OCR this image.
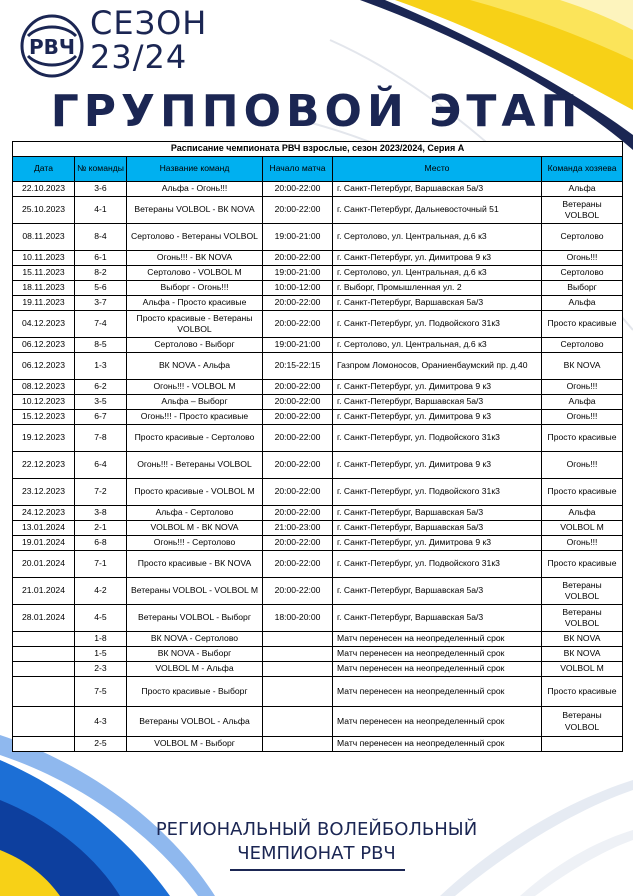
РВЧ
СЕЗОН
23/24
ГРУППОВОЙ ЭТАП
Расписание чемпионата РВЧ взрослые, сезон 2023/2024, Серия А					
Дата	№ команды	Название команд	Начало матча	Место	Команда хозяева
22.10.2023	3-6	Альфа - Огонь!!!	20:00-22:00	г. Санкт-Петербург, Варшавская 5а/3	Альфа
25.10.2023	4-1	Ветераны VOLBOL - ВК NOVA	20:00-22:00	г. Санкт-Петербург, Дальневосточный 51	Ветераны VOLBOL
08.11.2023	8-4	Сертолово - Ветераны VOLBOL	19:00-21:00	г. Сертолово, ул. Центральная, д.6 к3	Сертолово
10.11.2023	6-1	Огонь!!! - ВК NOVA	20:00-22:00	г. Санкт-Петербург, ул. Димитрова 9 к3	Огонь!!!
15.11.2023	8-2	Сертолово - VOLBOL M	19:00-21:00	г. Сертолово, ул. Центральная, д.6 к3	Сертолово
18.11.2023	5-6	Выборг - Огонь!!!	10:00-12:00	г. Выборг, Промышленная ул. 2	Выборг
19.11.2023	3-7	Альфа - Просто красивые	20:00-22:00	г. Санкт-Петербург, Варшавская 5а/3	Альфа
04.12.2023	7-4	Просто красивые - Ветераны VOLBOL	20:00-22:00	г. Санкт-Петербург, ул. Подвойского 31к3	Просто красивые
06.12.2023	8-5	Сертолово - Выборг	19:00-21:00	г. Сертолово, ул. Центральная, д.6 к3	Сертолово
06.12.2023	1-3	ВК NOVA - Альфа	20:15-22:15	Газпром Ломоносов, Ораниенбаумский пр. д.40	ВК NOVA
08.12.2023	6-2	Огонь!!! - VOLBOL M	20:00-22:00	г. Санкт-Петербург, ул. Димитрова 9 к3	Огонь!!!
10.12.2023	3-5	Альфа – Выборг	20:00-22:00	г. Санкт-Петербург, Варшавская 5а/3	Альфа
15.12.2023	6-7	Огонь!!! - Просто красивые	20:00-22:00	г. Санкт-Петербург, ул. Димитрова 9 к3	Огонь!!!
19.12.2023	7-8	Просто красивые - Сертолово	20:00-22:00	г. Санкт-Петербург, ул. Подвойского 31к3	Просто красивые
22.12.2023	6-4	Огонь!!! - Ветераны VOLBOL	20:00-22:00	г. Санкт-Петербург, ул. Димитрова 9 к3	Огонь!!!
23.12.2023	7-2	Просто красивые - VOLBOL M	20:00-22:00	г. Санкт-Петербург, ул. Подвойского 31к3	Просто красивые
24.12.2023	3-8	Альфа - Сертолово	20:00-22:00	г. Санкт-Петербург, Варшавская 5а/3	Альфа
13.01.2024	2-1	VOLBOL M - ВК NOVA	21:00-23:00	г. Санкт-Петербург, Варшавская 5а/3	VOLBOL M
19.01.2024	6-8	Огонь!!! - Сертолово	20:00-22:00	г. Санкт-Петербург, ул. Димитрова 9 к3	Огонь!!!
20.01.2024	7-1	Просто красивые - ВК NOVA	20:00-22:00	г. Санкт-Петербург, ул. Подвойского 31к3	Просто красивые
21.01.2024	4-2	Ветераны VOLBOL - VOLBOL M	20:00-22:00	г. Санкт-Петербург, Варшавская 5а/3	Ветераны VOLBOL
28.01.2024	4-5	Ветераны VOLBOL - Выборг	18:00-20:00	г. Санкт-Петербург, Варшавская 5а/3	Ветераны VOLBOL
	1-8	ВК NOVA - Сертолово		Матч перенесен на неопределенный срок	ВК NOVA
	1-5	ВК NOVA - Выборг		Матч перенесен на неопределенный срок	ВК NOVA
	2-3	VOLBOL M - Альфа		Матч перенесен на неопределенный срок	VOLBOL M
	7-5	Просто красивые - Выборг		Матч перенесен на неопределенный срок	Просто красивые
	4-3	Ветераны VOLBOL - Альфа		Матч перенесен на неопределенный срок	Ветераны VOLBOL
	2-5	VOLBOL M - Выборг		Матч перенесен на неопределенный срок	
РЕГИОНАЛЬНЫЙ ВОЛЕЙБОЛЬНЫЙ
ЧЕМПИОНАТ РВЧ
